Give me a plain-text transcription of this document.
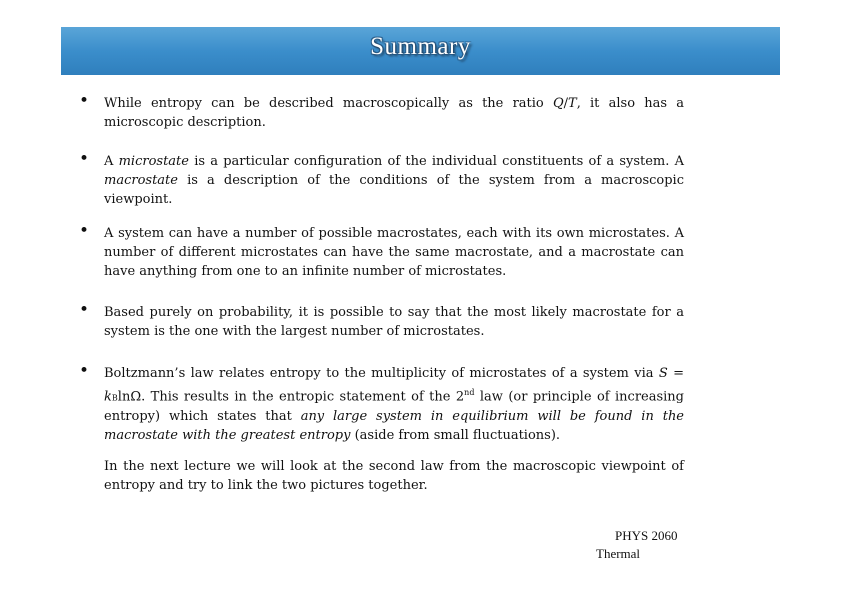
Summary
• While entropy can be described macroscopically as the ratio Q/T, it also has a microscopic description.
• A microstate is a particular configuration of the individual constituents of a system. A macrostate is a description of the conditions of the system from a macroscopic viewpoint.
• A system can have a number of possible macrostates, each with its own microstates. A number of different microstates can have the same macrostate, and a macrostate can have anything from one to an infinite number of microstates.
• Based purely on probability, it is possible to say that the most likely macrostate for a system is the one with the largest number of microstates.
• Boltzmann’s law relates entropy to the multiplicity of microstates of a system via S = kBlnΩ. This results in the entropic statement of the 2nd law (or principle of increasing entropy) which states that any large system in equilibrium will be found in the macrostate with the greatest entropy (aside from small fluctuations).
In the next lecture we will look at the second law from the macroscopic viewpoint of entropy and try to link the two pictures together.
PHYS 2060
Thermal
